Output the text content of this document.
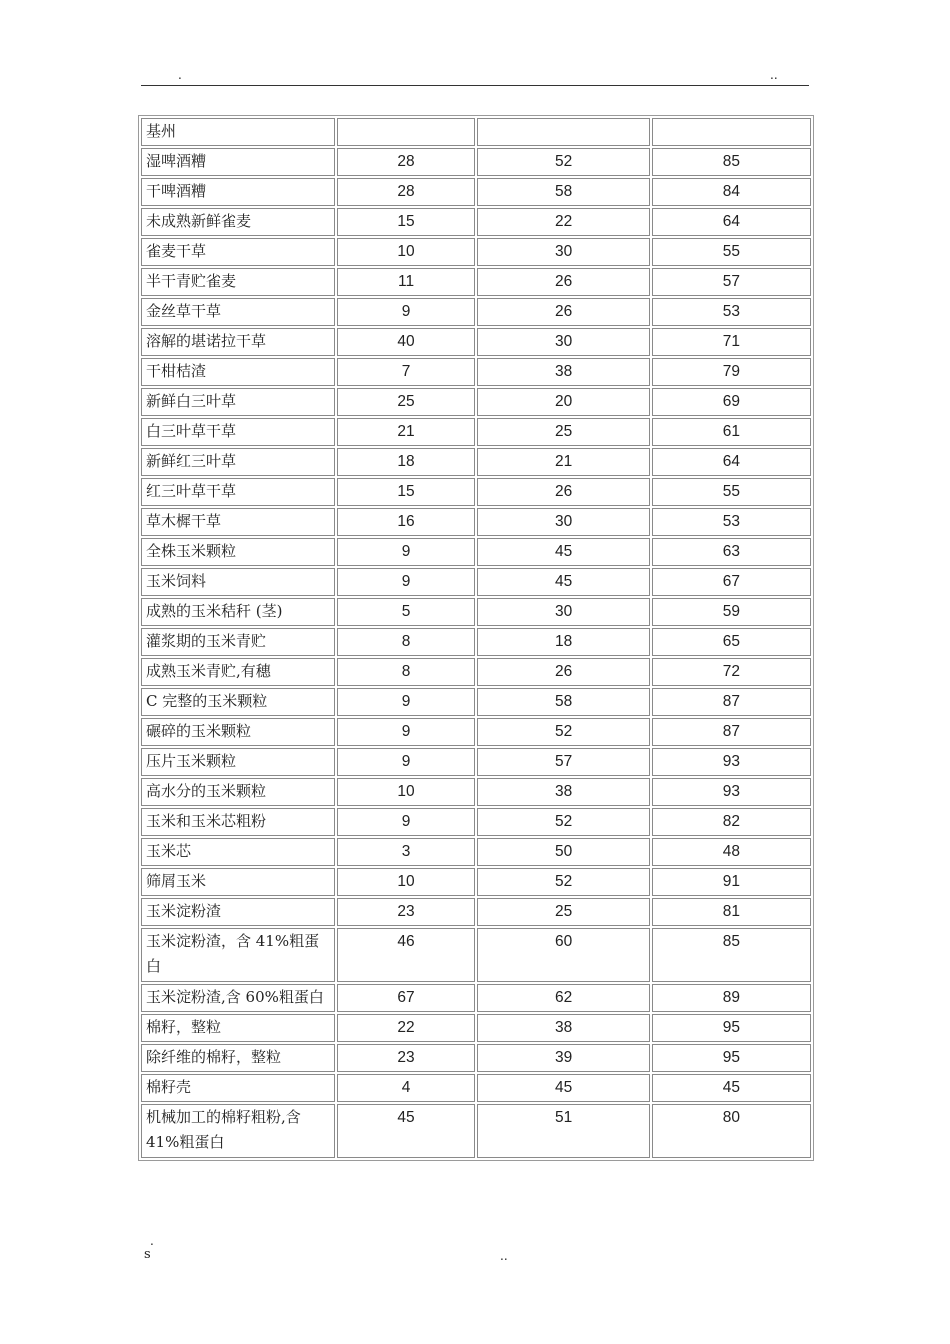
.	..
基州			
湿啤酒糟	28	52	85
干啤酒糟	28	58	84
未成熟新鲜雀麦	15	22	64
雀麦干草	10	30	55
半干青贮雀麦	11	26	57
金丝草干草	9	26	53
溶解的堪诺拉干草	40	30	71
干柑桔渣	7	38	79
新鲜白三叶草	25	20	69
白三叶草干草	21	25	61
新鲜红三叶草	18	21	64
红三叶草干草	15	26	55
草木樨干草	16	30	53
全株玉米颗粒	9	45	63
玉米饲料	9	45	67
成熟的玉米秸秆 (茎)	5	30	59
灌浆期的玉米青贮	8	18	65
成熟玉米青贮,有穗	8	26	72
C 完整的玉米颗粒	9	58	87
碾碎的玉米颗粒	9	52	87
压片玉米颗粒	9	57	93
高水分的玉米颗粒	10	38	93
玉米和玉米芯粗粉	9	52	82
玉米芯	3	50	48
筛屑玉米	10	52	91
玉米淀粉渣	23	25	81
玉米淀粉渣，含 41%粗蛋白	46	60	85
玉米淀粉渣,含 60%粗蛋白	67	62	89
棉籽，整粒	22	38	95
除纤维的棉籽，整粒	23	39	95
棉籽壳	4	45	45
机械加工的棉籽粗粉,含 41%粗蛋白	45	51	80
.
s	..
